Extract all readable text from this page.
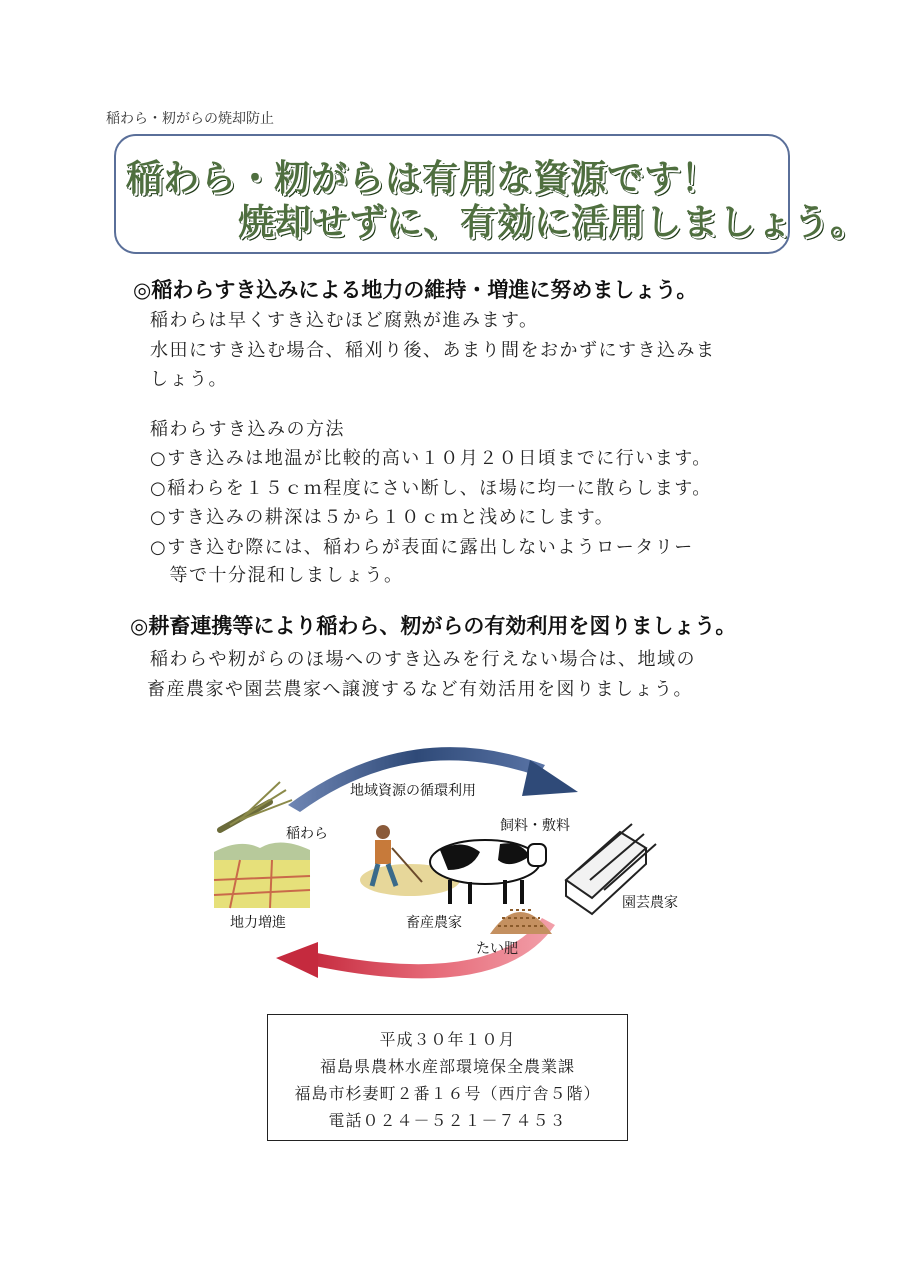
稲わら・籾がらの焼却防止
稲わら・籾がらは有用な資源です！
焼却せずに、有効に活用しましょう。
◎稲わらすき込みによる地力の維持・増進に努めましょう。
稲わらは早くすき込むほど腐熟が進みます。
水田にすき込む場合、稲刈り後、あまり間をおかずにすき込みま
しょう。
稲わらすき込みの方法
○すき込みは地温が比較的高い１０月２０日頃までに行います。
○稲わらを１５ｃｍ程度にさい断し、ほ場に均一に散らします。
○すき込みの耕深は５から１０ｃｍと浅めにします。
○すき込む際には、稲わらが表面に露出しないようロータリー
　等で十分混和しましょう。
◎耕畜連携等により稲わら、籾がらの有効利用を図りましょう。
稲わらや籾がらのほ場へのすき込みを行えない場合は、地域の
畜産農家や園芸農家へ譲渡するなど有効活用を図りましょう。
地域資源の循環利用
稲わら	飼料・敷料
地力増進	畜産農家
たい肥
園芸農家
平成３０年１０月
福島県農林水産部環境保全農業課
福島市杉妻町２番１６号（西庁舎５階）
電話０２４－５２１－７４５３
